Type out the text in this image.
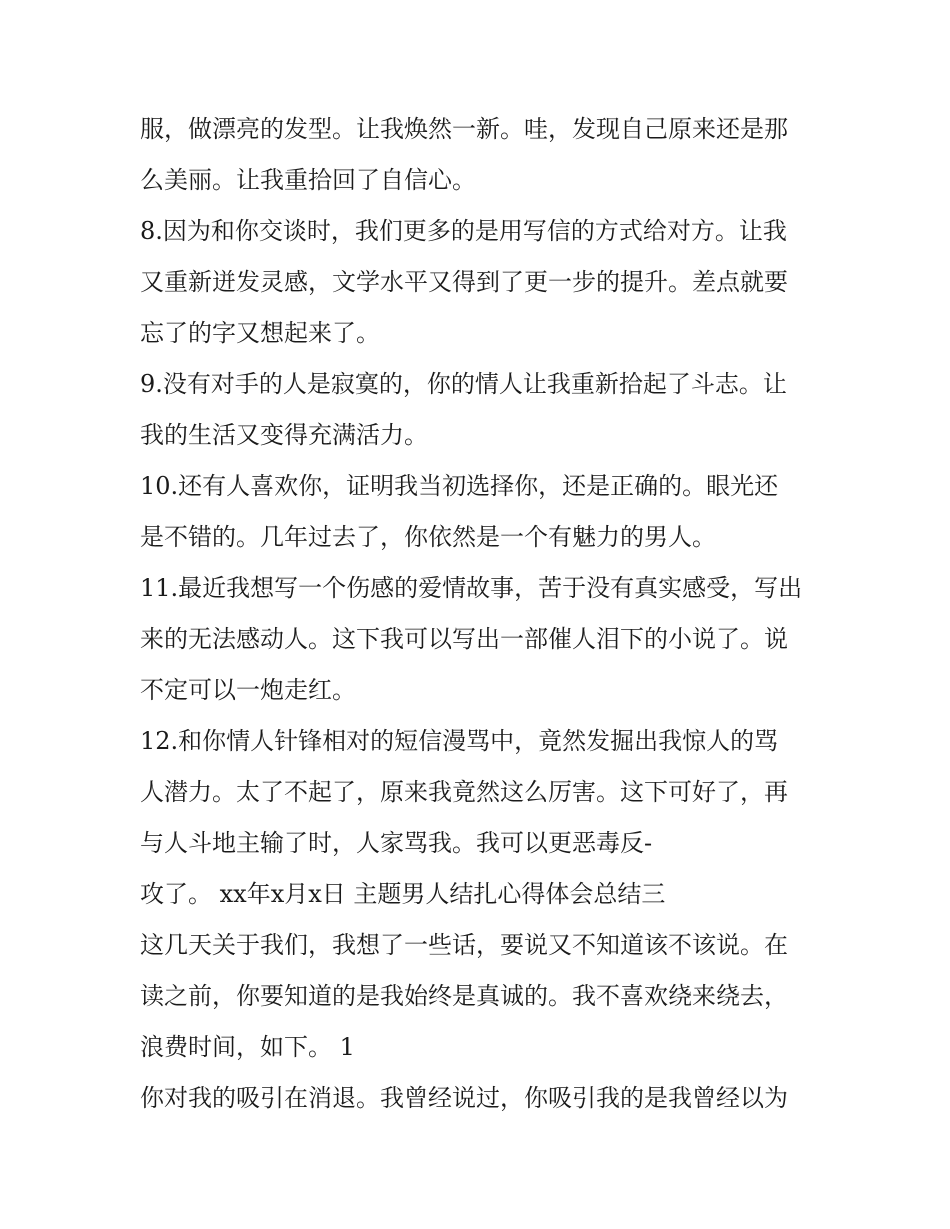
服，做漂亮的发型。让我焕然一新。哇，发现自己原来还是那
么美丽。让我重拾回了自信心。
8.因为和你交谈时，我们更多的是用写信的方式给对方。让我
又重新迸发灵感，文学水平又得到了更一步的提升。差点就要
忘了的字又想起来了。
9.没有对手的人是寂寞的，你的情人让我重新拾起了斗志。让
我的生活又变得充满活力。
10.还有人喜欢你，证明我当初选择你，还是正确的。眼光还
是不错的。几年过去了，你依然是一个有魅力的男人。
11.最近我想写一个伤感的爱情故事，苦于没有真实感受，写出
来的无法感动人。这下我可以写出一部催人泪下的小说了。说
不定可以一炮走红。
12.和你情人针锋相对的短信漫骂中，竟然发掘出我惊人的骂
人潜力。太了不起了，原来我竟然这么厉害。这下可好了，再
与人斗地主输了时，人家骂我。我可以更恶毒反-
攻了。 xx年x月x日 主题男人结扎心得体会总结三
这几天关于我们，我想了一些话，要说又不知道该不该说。在
读之前，你要知道的是我始终是真诚的。我不喜欢绕来绕去，
浪费时间，如下。 1
你对我的吸引在消退。我曾经说过，你吸引我的是我曾经以为
